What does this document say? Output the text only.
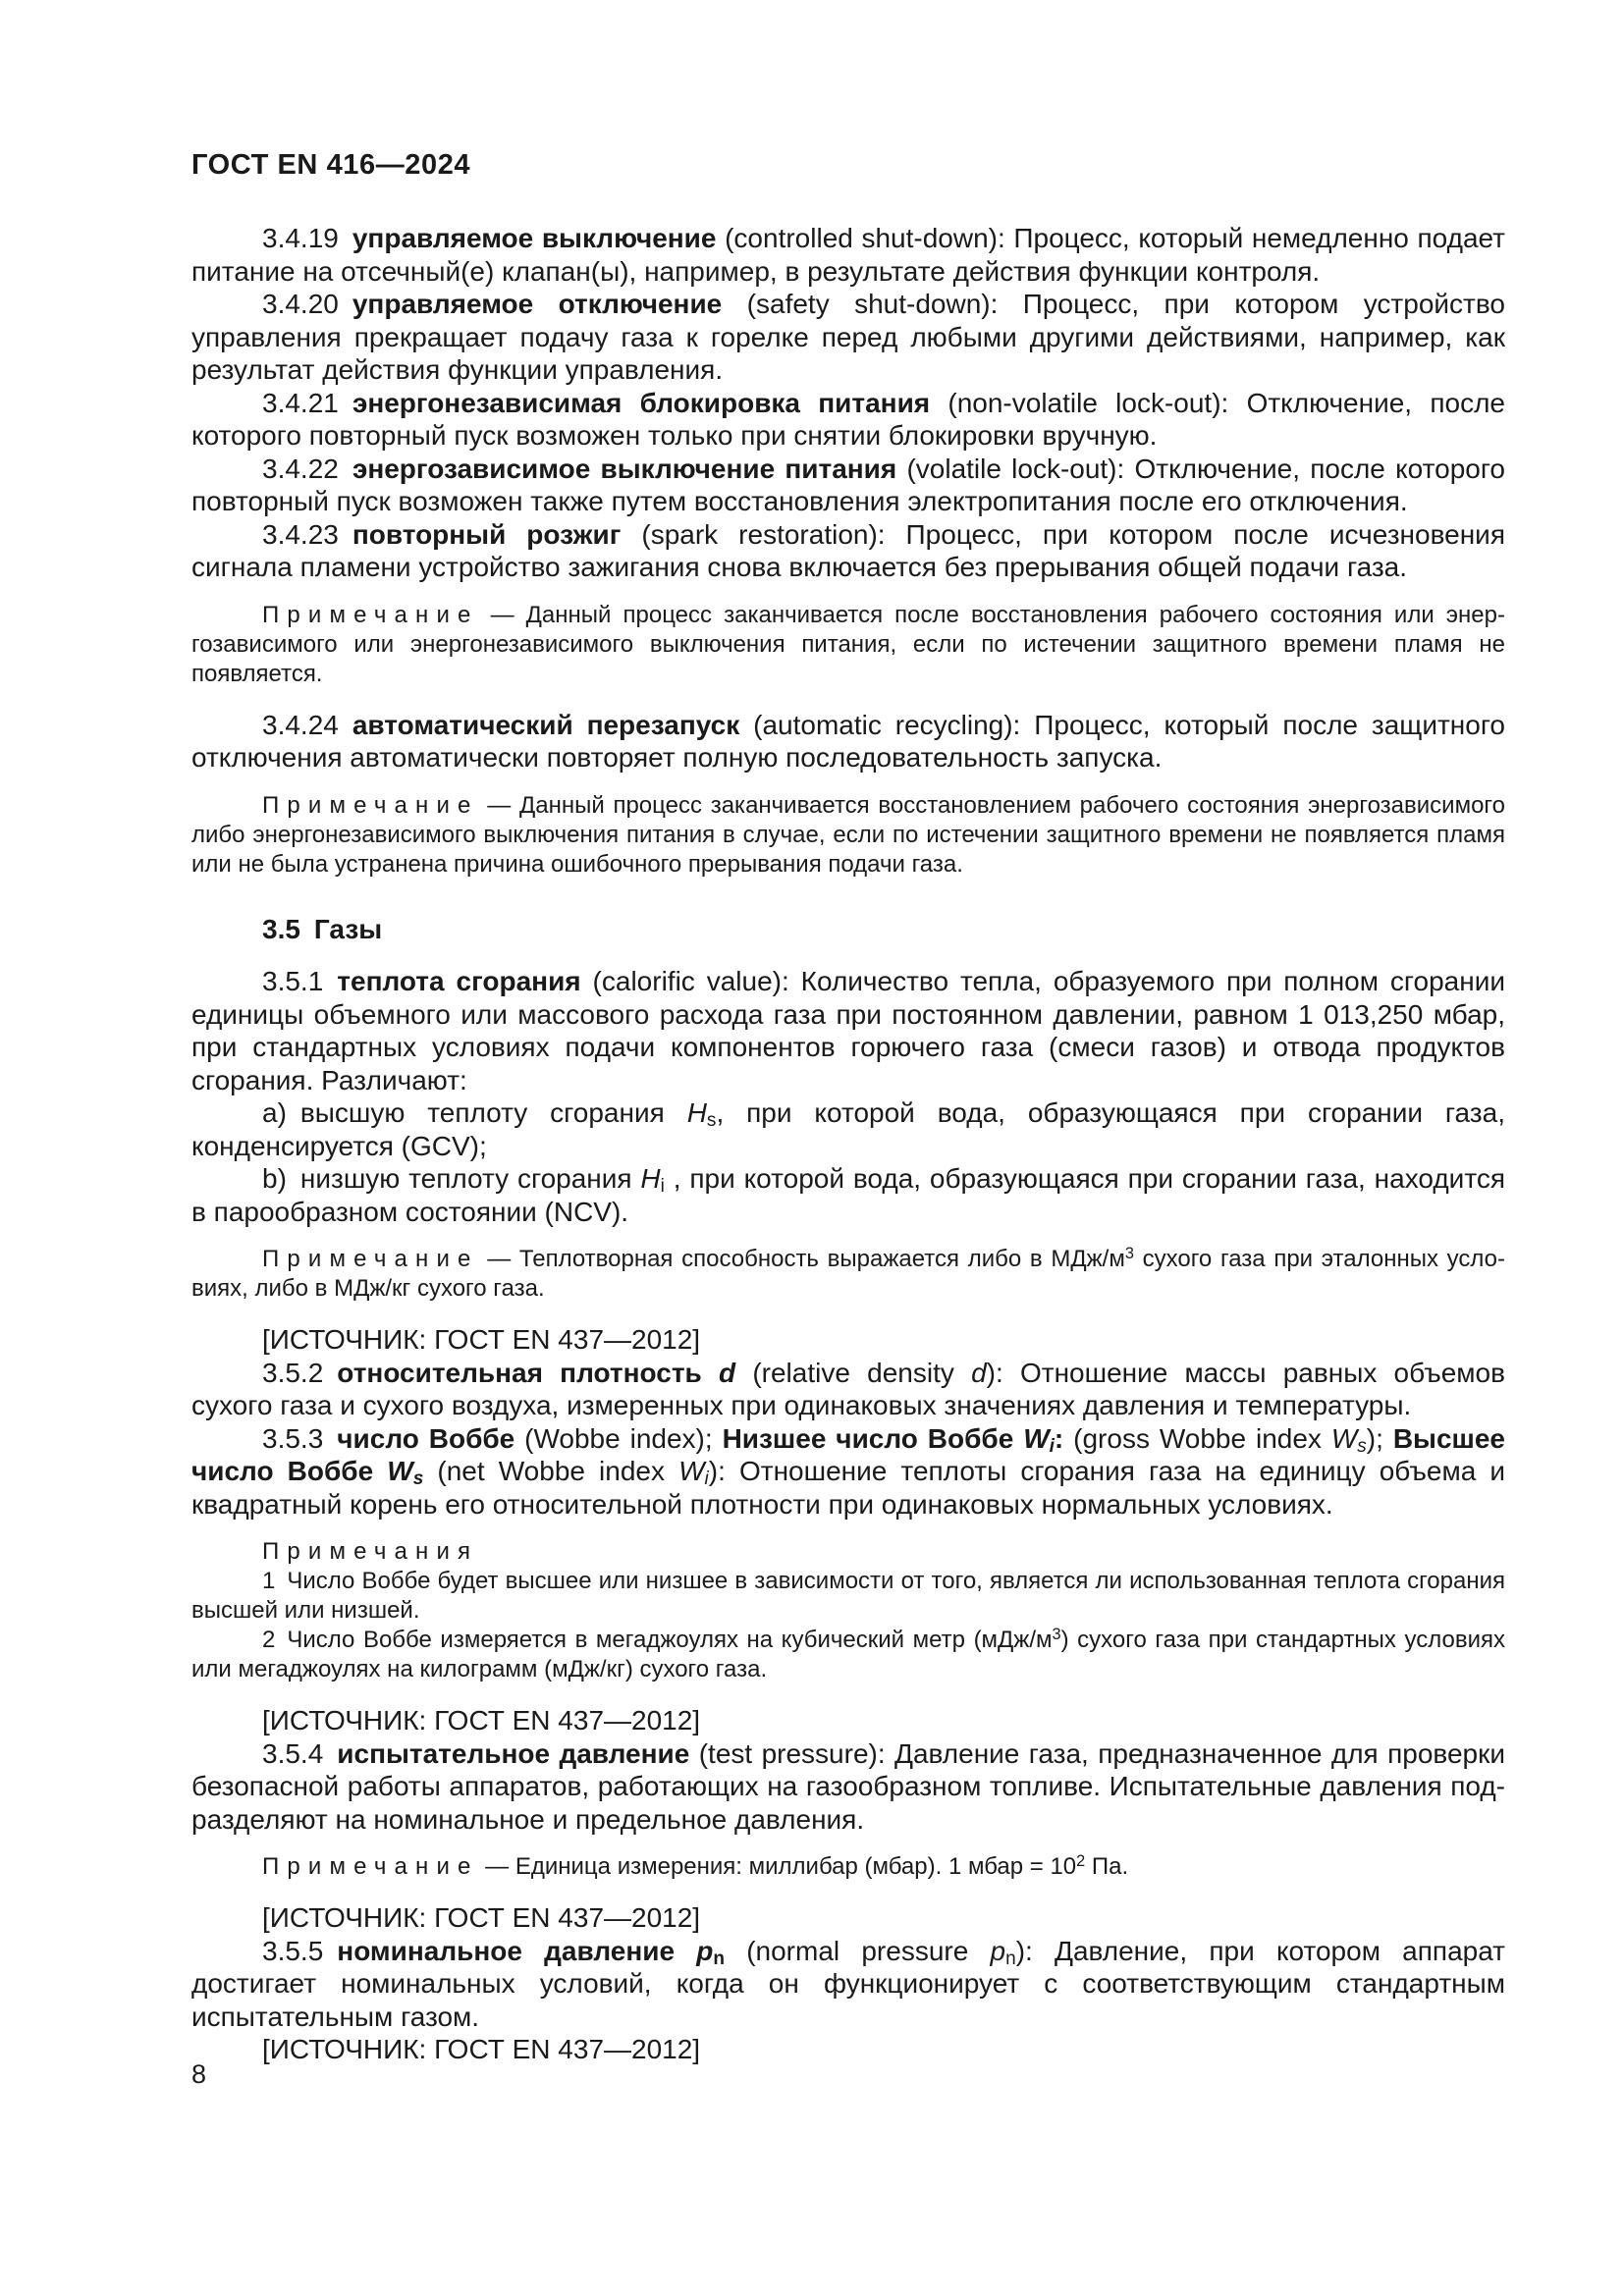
ГОСТ EN 416—2024

3.4.19 управляемое выключение (controlled shut-down): Процесс, который немедленно подает питание на отсечный(е) клапан(ы), например, в результате действия функции контроля.

3.4.20 управляемое отключение (safety shut-down): Процесс, при котором устройство управления прекращает подачу газа к горелке перед любыми другими действиями, например, как результат действия функции управления.

3.4.21 энергонезависимая блокировка питания (non-volatile lock-out): Отключение, после которого повторный пуск возможен только при снятии блокировки вручную.

3.4.22 энергозависимое выключение питания (volatile lock-out): Отключение, после которого повторный пуск возможен также путем восстановления электропитания после его отключения.

3.4.23 повторный розжиг (spark restoration): Процесс, при котором после исчезновения сигнала пламени устройство зажигания снова включается без прерывания общей подачи газа.

Примечание — Данный процесс заканчивается после восстановления рабочего состояния или энергозависимого или энергонезависимого выключения питания, если по истечении защитного времени пламя не появляется.

3.4.24 автоматический перезапуск (automatic recycling): Процесс, который после защитного отключения автоматически повторяет полную последовательность запуска.

Примечание — Данный процесс заканчивается восстановлением рабочего состояния энергозависимого либо энергонезависимого выключения питания в случае, если по истечении защитного времени не появляется пламя или не была устранена причина ошибочного прерывания подачи газа.

3.5 Газы

3.5.1 теплота сгорания (calorific value): Количество тепла, образуемого при полном сгорании единицы объемного или массового расхода газа при постоянном давлении, равном 1 013,250 мбар, при стандартных условиях подачи компонентов горючего газа (смеси газов) и отвода продуктов сгорания. Различают:

a) высшую теплоту сгорания $H_s$, при которой вода, образующаяся при сгорании газа, конденсируется (GCV);

b) низшую теплоту сгорания $H_i$ , при которой вода, образующаяся при сгорании газа, находится в парообразном состоянии (NCV).

Примечание — Теплотворная способность выражается либо в МДж/$м^3$ сухого газа при эталонных условиях, либо в МДж/кг сухого газа.

[ИСТОЧНИК: ГОСТ EN 437—2012]

3.5.2 относительная плотность d (relative density d): Отношение массы равных объемов сухого газа и сухого воздуха, измеренных при одинаковых значениях давления и температуры.

3.5.3 число Воббе (Wobbe index); Низшее число Воббе $W_i$: (gross Wobbe index $W_s$); Высшее число Воббе $W_s$ (net Wobbe index $W_i$): Отношение теплоты сгорания газа на единицу объема и квадратный корень его относительной плотности при одинаковых нормальных условиях.

Примечания

1 Число Воббе будет высшее или низшее в зависимости от того, является ли использованная теплота сгорания высшей или низшей.

2 Число Воббе измеряется в мегаджоулях на кубический метр $(мДж/м^3)$ сухого газа при стандартных условиях или мегаджоулях на килограмм (мДж/кг) сухого газа.

[ИСТОЧНИК: ГОСТ EN 437—2012]

3.5.4 испытательное давление (test pressure): Давление газа, предназначенное для проверки безопасной работы аппаратов, работающих на газообразном топливе. Испытательные давления подразделяют на номинальное и предельное давления.

Примечание — Единица измерения: миллибар (мбар). 1 мбар = $10^2$ Па.

[ИСТОЧНИК: ГОСТ EN 437—2012]

3.5.5 номинальное давление $p_n$ (normal pressure $p_n$): Давление, при котором аппарат достигает номинальных условий, когда он функционирует с соответствующим стандартным испытательным газом.

[ИСТОЧНИК: ГОСТ EN 437—2012]

8
